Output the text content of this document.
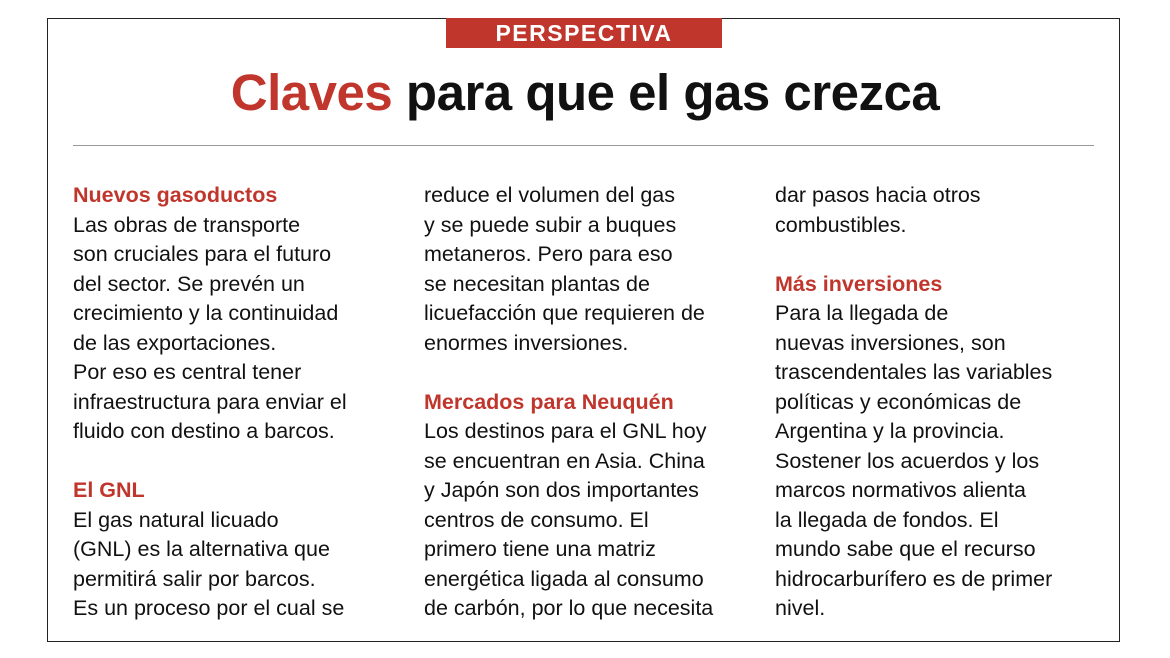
PERSPECTIVA
Claves para que el gas crezca
Nuevos gasoductos
Las obras de transporte
son cruciales para el futuro
del sector. Se prevén un
crecimiento y la continuidad
de las exportaciones.
Por eso es central tener
infraestructura para enviar el
fluido con destino a barcos.
El GNL
El gas natural licuado
(GNL) es la alternativa que
permitirá salir por barcos.
Es un proceso por el cual se
reduce el volumen del gas
y se puede subir a buques
metaneros. Pero para eso
se necesitan plantas de
licuefacción que requieren de
enormes inversiones.
Mercados para Neuquén
Los destinos para el GNL hoy
se encuentran en Asia. China
y Japón son dos importantes
centros de consumo. El
primero tiene una matriz
energética ligada al consumo
de carbón, por lo que necesita
dar pasos hacia otros
combustibles.
Más inversiones
Para la llegada de
nuevas inversiones, son
trascendentales las variables
políticas y económicas de
Argentina y la provincia.
Sostener los acuerdos y los
marcos normativos alienta
la llegada de fondos. El
mundo sabe que el recurso
hidrocarburífero es de primer
nivel.
